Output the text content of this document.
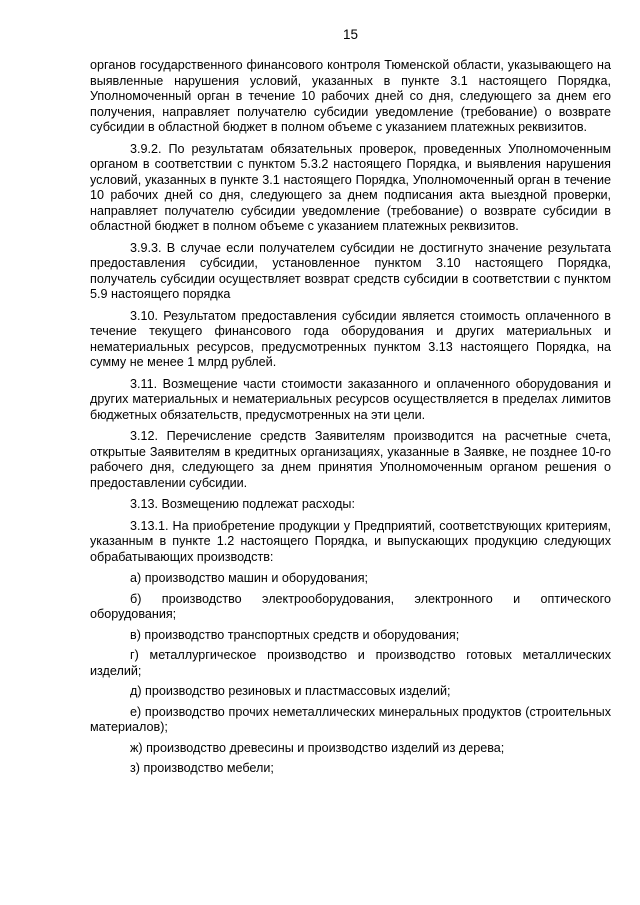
15

органов государственного финансового контроля Тюменской области, указывающего на выявленные нарушения условий, указанных в пункте 3.1 настоящего Порядка, Уполномоченный орган в течение 10 рабочих дней со дня, следующего за днем его получения, направляет получателю субсидии уведомление (требование) о возврате субсидии в областной бюджет в полном объеме с указанием платежных реквизитов.

3.9.2. По результатам обязательных проверок, проведенных Уполномоченным органом в соответствии с пунктом 5.3.2 настоящего Порядка, и выявления нарушения условий, указанных в пункте 3.1 настоящего Порядка, Уполномоченный орган в течение 10 рабочих дней со дня, следующего за днем подписания акта выездной проверки, направляет получателю субсидии уведомление (требование) о возврате субсидии в областной бюджет в полном объеме с указанием платежных реквизитов.

3.9.3. В случае если получателем субсидии не достигнуто значение результата предоставления субсидии, установленное пунктом 3.10 настоящего Порядка, получатель субсидии осуществляет возврат средств субсидии в соответствии с пунктом 5.9 настоящего порядка

3.10. Результатом предоставления субсидии является стоимость оплаченного в течение текущего финансового года оборудования и других материальных и нематериальных ресурсов, предусмотренных пунктом 3.13 настоящего Порядка, на сумму не менее 1 млрд рублей.

3.11. Возмещение части стоимости заказанного и оплаченного оборудования и других материальных и нематериальных ресурсов осуществляется в пределах лимитов бюджетных обязательств, предусмотренных на эти цели.

3.12. Перечисление средств Заявителям производится на расчетные счета, открытые Заявителям в кредитных организациях, указанные в Заявке, не позднее 10-го рабочего дня, следующего за днем принятия Уполномоченным органом решения о предоставлении субсидии.

3.13. Возмещению подлежат расходы:

3.13.1. На приобретение продукции у Предприятий, соответствующих критериям, указанным в пункте 1.2 настоящего Порядка, и выпускающих продукцию следующих обрабатывающих производств:

а) производство машин и оборудования;

б) производство электрооборудования, электронного и оптического оборудования;

в) производство транспортных средств и оборудования;

г) металлургическое производство и производство готовых металлических изделий;

д) производство резиновых и пластмассовых изделий;

е) производство прочих неметаллических минеральных продуктов (строительных материалов);

ж) производство древесины и производство изделий из дерева;

з) производство мебели;
